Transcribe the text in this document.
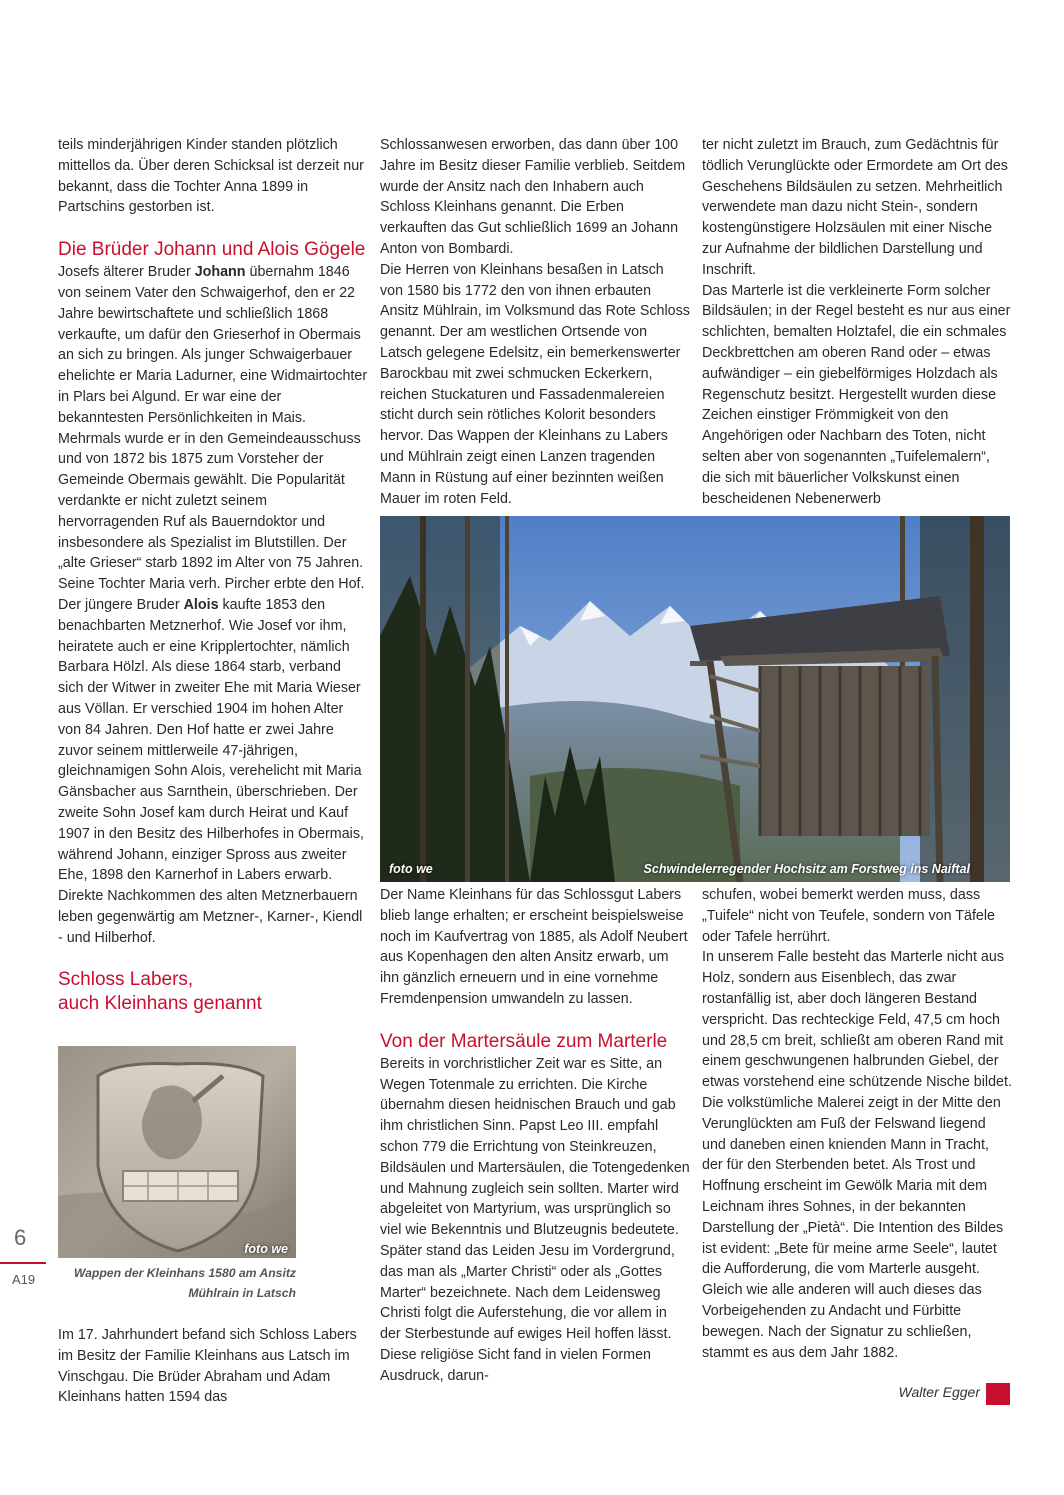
teils minderjährigen Kinder standen plötzlich mittellos da. Über deren Schicksal ist derzeit nur bekannt, dass die Tochter Anna 1899 in Partschins gestorben ist.

Die Brüder Johann und Alois Gögele

Josefs älterer Bruder Johann übernahm 1846 von seinem Vater den Schwaigerhof, den er 22 Jahre bewirtschaftete und schließlich 1868 verkaufte, um dafür den Grieserhof in Obermais an sich zu bringen. Als junger Schwaigerbauer ehelichte er Maria Ladurner, eine Widmairtochter in Plars bei Algund. Er war eine der bekanntesten Persönlichkeiten in Mais. Mehrmals wurde er in den Gemeindeausschuss und von 1872 bis 1875 zum Vorsteher der Gemeinde Obermais gewählt. Die Popularität verdankte er nicht zuletzt seinem hervorragenden Ruf als Bauerndoktor und insbesondere als Spezialist im Blutstillen. Der „alte Grieser“ starb 1892 im Alter von 75 Jahren. Seine Tochter Maria verh. Pircher erbte den Hof.

Der jüngere Bruder Alois kaufte 1853 den benachbarten Metznerhof. Wie Josef vor ihm, heiratete auch er eine Kripplertochter, nämlich Barbara Hölzl. Als diese 1864 starb, verband sich der Witwer in zweiter Ehe mit Maria Wieser aus Völlan. Er verschied 1904 im hohen Alter von 84 Jahren. Den Hof hatte er zwei Jahre zuvor seinem mittlerweile 47-jährigen, gleichnamigen Sohn Alois, verehelicht mit Maria Gänsbacher aus Sarnthein, überschrieben. Der zweite Sohn Josef kam durch Heirat und Kauf 1907 in den Besitz des Hilberhofes in Obermais, während Johann, einziger Spross aus zweiter Ehe, 1898 den Karnerhof in Labers erwarb. Direkte Nachkommen des alten Metznerbauern leben gegenwärtig am Metzner-, Karner-, Kiendl - und Hilberhof.

Schloss Labers,
auch Kleinhans genannt
foto we
Wappen der Kleinhans 1580 am Ansitz
Mühlrain in Latsch

Im 17. Jahrhundert befand sich Schloss Labers im Besitz der Familie Kleinhans aus Latsch im Vinschgau. Die Brüder Abraham und Adam Kleinhans hatten 1594 das

Schlossanwesen erworben, das dann über 100 Jahre im Besitz dieser Familie verblieb. Seitdem wurde der Ansitz nach den Inhabern auch Schloss Kleinhans genannt. Die Erben verkauften das Gut schließlich 1699 an Johann Anton von Bombardi.

Die Herren von Kleinhans besaßen in Latsch von 1580 bis 1772 den von ihnen erbauten Ansitz Mühlrain, im Volksmund das Rote Schloss genannt. Der am westlichen Ortsende von Latsch gelegene Edelsitz, ein bemerkenswerter Barockbau mit zwei schmucken Eckerkern, reichen Stuckaturen und Fassadenmalereien sticht durch sein rötliches Kolorit besonders hervor. Das Wappen der Kleinhans zu Labers und Mühlrain zeigt einen Lanzen tragenden Mann in Rüstung auf einer bezinnten weißen Mauer im roten Feld.

ter nicht zuletzt im Brauch, zum Gedächtnis für tödlich Verunglückte oder Ermordete am Ort des Geschehens Bildsäulen zu setzen. Mehrheitlich verwendete man dazu nicht Stein-, sondern kostengünstigere Holzsäulen mit einer Nische zur Aufnahme der bildlichen Darstellung und Inschrift.

Das Marterle ist die verkleinerte Form solcher Bildsäulen; in der Regel besteht es nur aus einer schlichten, bemalten Holztafel, die ein schmales Deckbrettchen am oberen Rand oder – etwas aufwändiger – ein giebelförmiges Holzdach als Regenschutz besitzt. Hergestellt wurden diese Zeichen einstiger Frömmigkeit von den Angehörigen oder Nachbarn des Toten, nicht selten aber von sogenannten „Tuifelemalern“, die sich mit bäuerlicher Volkskunst einen bescheidenen Nebenerwerb

foto we	Schwindelerregender Hochsitz am Forstweg ins Naiftal

Der Name Kleinhans für das Schlossgut Labers blieb lange erhalten; er erscheint beispielsweise noch im Kaufvertrag von 1885, als Adolf Neubert aus Kopenhagen den alten Ansitz erwarb, um ihn gänzlich erneuern und in eine vornehme Fremdenpension umwandeln zu lassen.

Von der Martersäule zum Marterle

Bereits in vorchristlicher Zeit war es Sitte, an Wegen Totenmale zu errichten. Die Kirche übernahm diesen heidnischen Brauch und gab ihm christlichen Sinn. Papst Leo III. empfahl schon 779 die Errichtung von Steinkreuzen, Bildsäulen und Martersäulen, die Totengedenken und Mahnung zugleich sein sollten. Marter wird abgeleitet von Martyrium, was ursprünglich so viel wie Bekenntnis und Blutzeugnis bedeutete. Später stand das Leiden Jesu im Vordergrund, das man als „Marter Christi“ oder als „Gottes Marter“ bezeichnete. Nach dem Leidensweg Christi folgt die Auferstehung, die vor allem in der Sterbestunde auf ewiges Heil hoffen lässt. Diese religiöse Sicht fand in vielen Formen Ausdruck, darun-

schufen, wobei bemerkt werden muss, dass „Tuifele“ nicht von Teufele, sondern von Täfele oder Tafele herrührt.

In unserem Falle besteht das Marterle nicht aus Holz, sondern aus Eisenblech, das zwar rostanfällig ist, aber doch längeren Bestand verspricht. Das rechteckige Feld, 47,5 cm hoch und 28,5 cm breit, schließt am oberen Rand mit einem geschwungenen halbrunden Giebel, der etwas vorstehend eine schützende Nische bildet. Die volkstümliche Malerei zeigt in der Mitte den Verunglückten am Fuß der Felswand liegend und daneben einen knienden Mann in Tracht, der für den Sterbenden betet. Als Trost und Hoffnung erscheint im Gewölk Maria mit dem Leichnam ihres Sohnes, in der bekannten Darstellung der „Pietà“. Die Intention des Bildes ist evident: „Bete für meine arme Seele“, lautet die Aufforderung, die vom Marterle ausgeht. Gleich wie alle anderen will auch dieses das Vorbeigehenden zu Andacht und Fürbitte bewegen. Nach der Signatur zu schließen, stammt es aus dem Jahr 1882.

Walter Egger
6
A19
